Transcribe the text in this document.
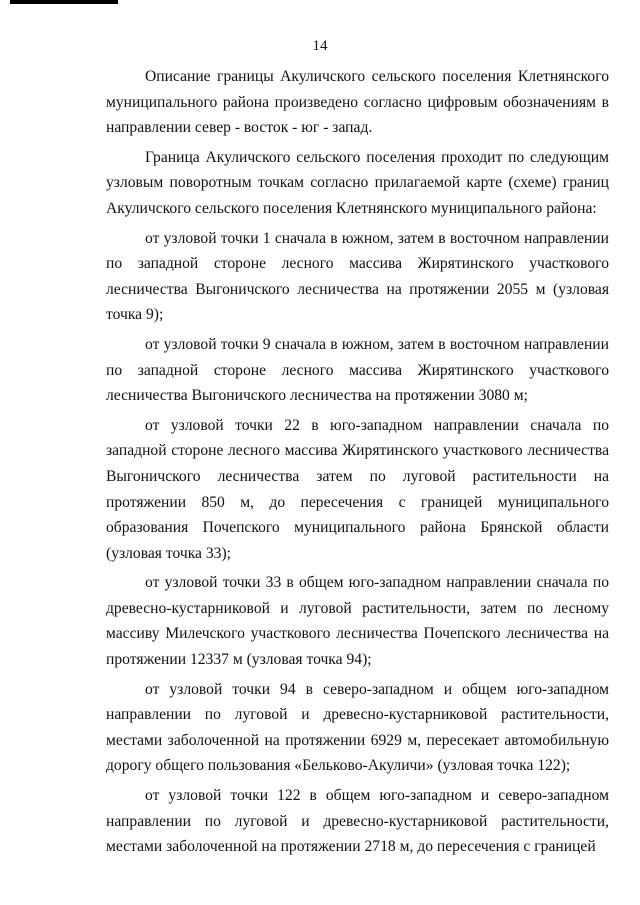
14

Описание границы Акуличского сельского поселения Клетнянского муниципального района произведено согласно цифровым обозначениям в направлении север - восток - юг - запад.

Граница Акуличского сельского поселения проходит по следующим узловым поворотным точкам согласно прилагаемой карте (схеме) границ Акуличского сельского поселения Клетнянского муниципального района:

от узловой точки 1 сначала в южном, затем в восточном направлении по западной стороне лесного массива Жирятинского участкового лесничества Выгоничского лесничества на протяжении 2055 м (узловая точка 9);

от узловой точки 9 сначала в южном, затем в восточном направлении по западной стороне лесного массива Жирятинского участкового лесничества Выгоничского лесничества на протяжении 3080 м;

от узловой точки 22 в юго-западном направлении сначала по западной стороне лесного массива Жирятинского участкового лесничества Выгоничского лесничества затем по луговой растительности на протяжении 850 м, до пересечения с границей муниципального образования Почепского муниципального района Брянской области (узловая точка 33);

от узловой точки 33 в общем юго-западном направлении сначала по древесно-кустарниковой и луговой растительности, затем по лесному массиву Милечского участкового лесничества Почепского лесничества на протяжении 12337 м (узловая точка 94);

от узловой точки 94 в северо-западном и общем юго-западном направлении по луговой и древесно-кустарниковой растительности, местами заболоченной на протяжении 6929 м, пересекает автомобильную дорогу общего пользования «Бельково-Акуличи» (узловая точка 122);

от узловой точки 122 в общем юго-западном и северо-западном направлении по луговой и древесно-кустарниковой растительности, местами заболоченной на протяжении 2718 м, до пересечения с границей
